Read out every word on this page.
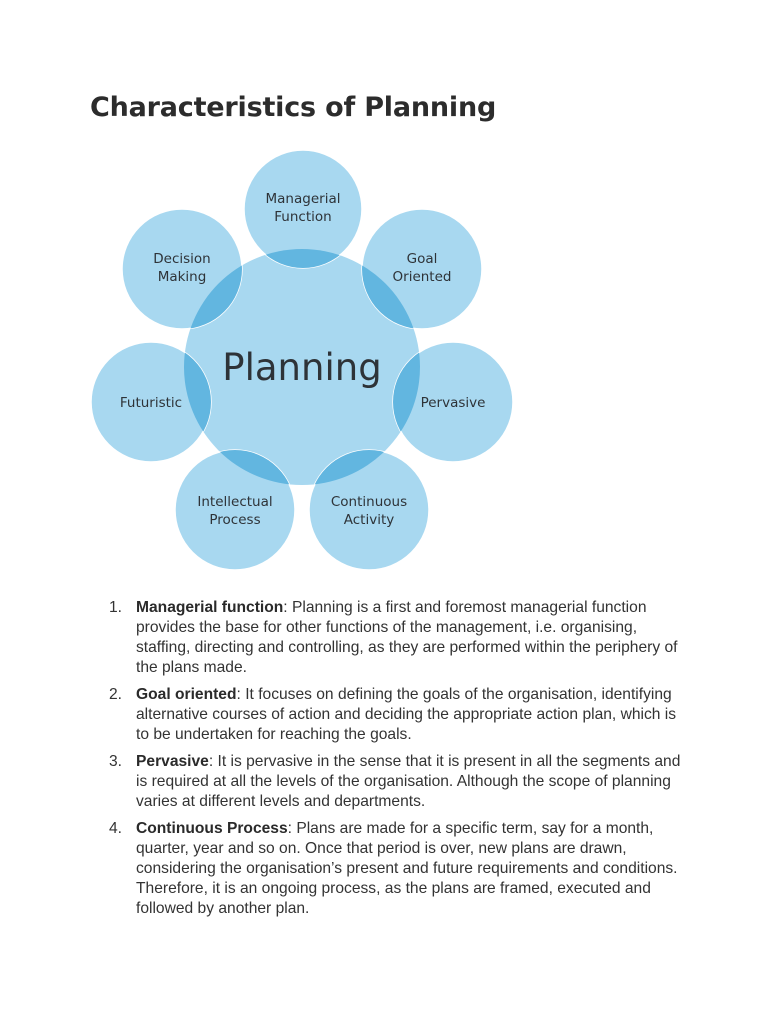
Characteristics of Planning
Planning
Managerial
Function
Goal
Oriented
Pervasive
Continuous
Activity
Intellectual
Process
Futuristic
Decision
Making
1. Managerial function: Planning is a first and foremost managerial function provides the base for other functions of the management, i.e. organising, staffing, directing and controlling, as they are performed within the periphery of the plans made.
2. Goal oriented: It focuses on defining the goals of the organisation, identifying alternative courses of action and deciding the appropriate action plan, which is to be undertaken for reaching the goals.
3. Pervasive: It is pervasive in the sense that it is present in all the segments and is required at all the levels of the organisation. Although the scope of planning varies at different levels and departments.
4. Continuous Process: Plans are made for a specific term, say for a month, quarter, year and so on. Once that period is over, new plans are drawn, considering the organisation’s present and future requirements and conditions. Therefore, it is an ongoing process, as the plans are framed, executed and followed by another plan.
